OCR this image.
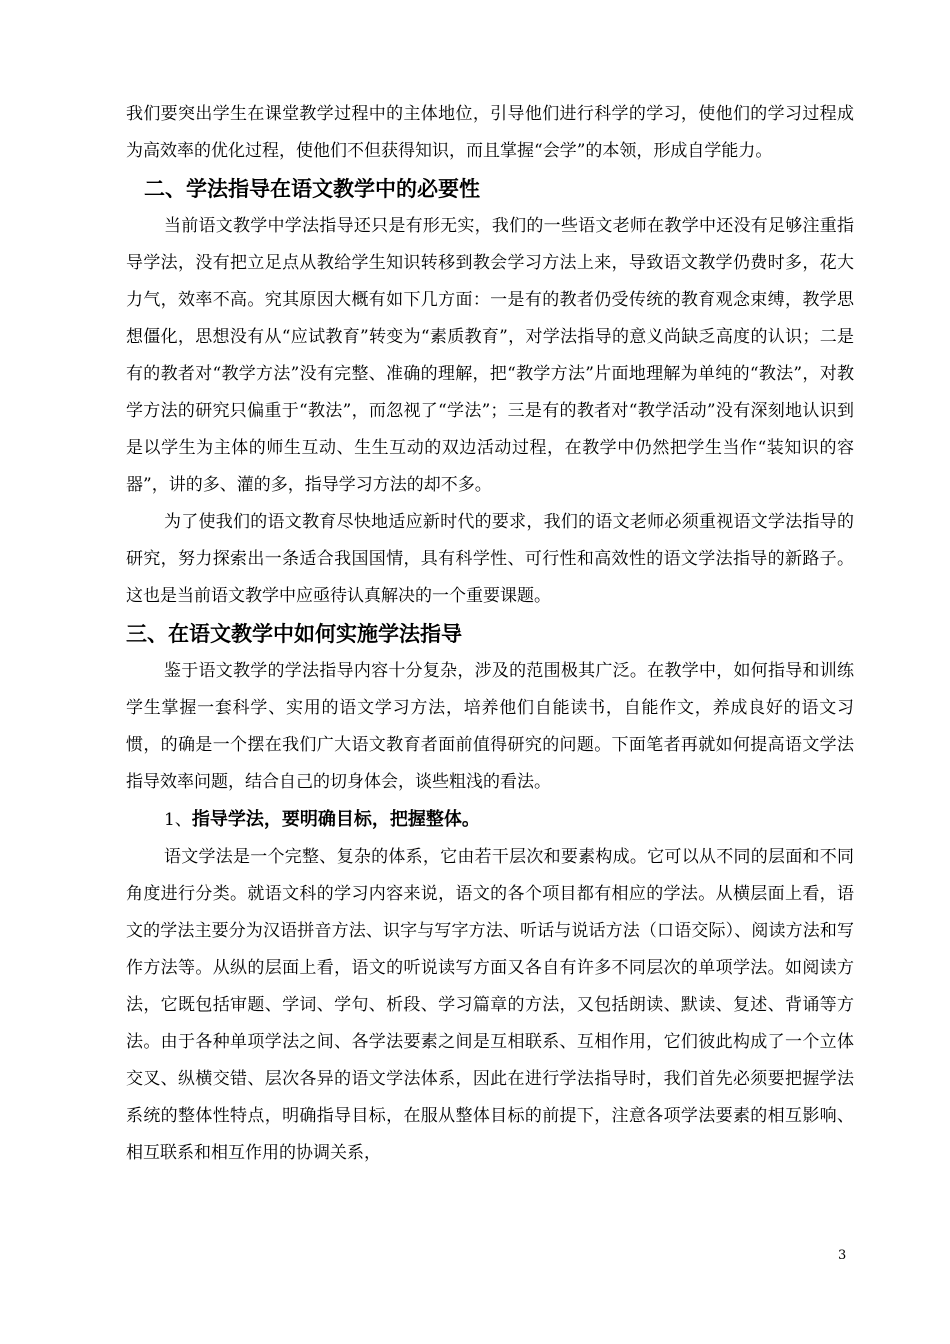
我们要突出学生在课堂教学过程中的主体地位，引导他们进行科学的学习，使他们的学习过程成为高效率的优化过程，使他们不但获得知识，而且掌握“会学”的本领，形成自学能力。

二、学法指导在语文教学中的必要性

当前语文教学中学法指导还只是有形无实，我们的一些语文老师在教学中还没有足够注重指导学法，没有把立足点从教给学生知识转移到教会学习方法上来，导致语文教学仍费时多，花大力气，效率不高。究其原因大概有如下几方面：一是有的教者仍受传统的教育观念束缚，教学思想僵化，思想没有从“应试教育”转变为“素质教育”，对学法指导的意义尚缺乏高度的认识；二是有的教者对“教学方法”没有完整、准确的理解，把“教学方法”片面地理解为单纯的“教法”，对教学方法的研究只偏重于“教法”，而忽视了“学法”；三是有的教者对“教学活动”没有深刻地认识到是以学生为主体的师生互动、生生互动的双边活动过程，在教学中仍然把学生当作“装知识的容器”，讲的多、灌的多，指导学习方法的却不多。

为了使我们的语文教育尽快地适应新时代的要求，我们的语文老师必须重视语文学法指导的研究，努力探索出一条适合我国国情，具有科学性、可行性和高效性的语文学法指导的新路子。这也是当前语文教学中应亟待认真解决的一个重要课题。

三、在语文教学中如何实施学法指导

鉴于语文教学的学法指导内容十分复杂，涉及的范围极其广泛。在教学中，如何指导和训练学生掌握一套科学、实用的语文学习方法，培养他们自能读书，自能作文，养成良好的语文习惯，的确是一个摆在我们广大语文教育者面前值得研究的问题。下面笔者再就如何提高语文学法指导效率问题，结合自己的切身体会，谈些粗浅的看法。

1、指导学法，要明确目标，把握整体。

语文学法是一个完整、复杂的体系，它由若干层次和要素构成。它可以从不同的层面和不同角度进行分类。就语文科的学习内容来说，语文的各个项目都有相应的学法。从横层面上看，语文的学法主要分为汉语拼音方法、识字与写字方法、听话与说话方法（口语交际）、阅读方法和写作方法等。从纵的层面上看，语文的听说读写方面又各自有许多不同层次的单项学法。如阅读方法，它既包括审题、学词、学句、析段、学习篇章的方法，又包括朗读、默读、复述、背诵等方法。由于各种单项学法之间、各学法要素之间是互相联系、互相作用，它们彼此构成了一个立体交叉、纵横交错、层次各异的语文学法体系，因此在进行学法指导时，我们首先必须要把握学法系统的整体性特点，明确指导目标，在服从整体目标的前提下，注意各项学法要素的相互影响、相互联系和相互作用的协调关系，

3
